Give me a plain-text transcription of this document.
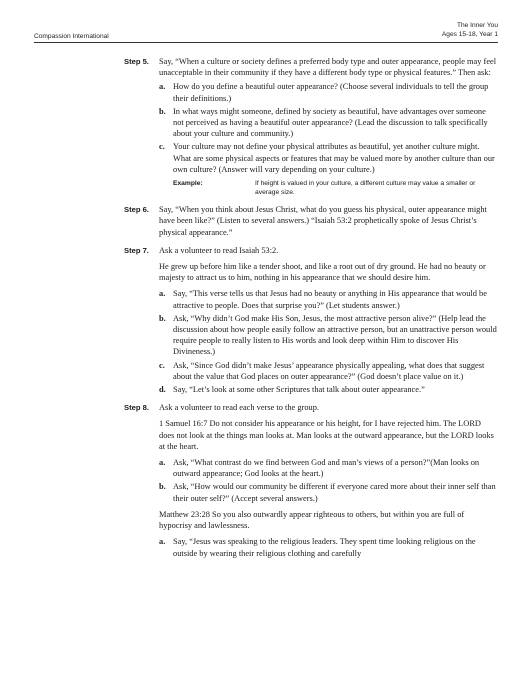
Compassion International
The Inner You
Ages 15-18, Year 1
Step 5. Say, “When a culture or society defines a preferred body type and outer appearance, people may feel unacceptable in their community if they have a different body type or physical features.” Then ask:

a. How do you define a beautiful outer appearance? (Choose several individuals to tell the group their definitions.)
b. In what ways might someone, defined by society as beautiful, have advantages over someone not perceived as having a beautiful outer appearance? (Lead the discussion to talk specifically about your culture and community.)
c. Your culture may not define your physical attributes as beautiful, yet another culture might. What are some physical aspects or features that may be valued more by another culture than our own culture? (Answer will vary depending on your culture.)
Example:	If height is valued in your culture, a different culture may value a smaller or average size.
Step 6. Say, “When you think about Jesus Christ, what do you guess his physical, outer appearance might have been like?” (Listen to several answers.) “Isaiah 53:2 prophetically spoke of Jesus Christ’s physical appearance.”

Step 7. Ask a volunteer to read Isaiah 53:2.

He grew up before him like a tender shoot, and like a root out of dry ground. He had no beauty or majesty to attract us to him, nothing in his appearance that we should desire him.

a. Say, “This verse tells us that Jesus had no beauty or anything in His appearance that would be attractive to people. Does that surprise you?” (Let students answer.)
b. Ask, “Why didn’t God make His Son, Jesus, the most attractive person alive?” (Help lead the discussion about how people easily follow an attractive person, but an unattractive person would require people to really listen to His words and look deep within Him to discover His Divineness.)
c. Ask, “Since God didn’t make Jesus’ appearance physically appealing, what does that suggest about the value that God places on outer appearance?” (God doesn’t place value on it.)
d. Say, “Let’s look at some other Scriptures that talk about outer appearance.”
Step 8. Ask a volunteer to read each verse to the group.

1 Samuel 16:7 Do not consider his appearance or his height, for I have rejected him. The LORD does not look at the things man looks at. Man looks at the outward appearance, but the LORD looks at the heart.

a. Ask, “What contrast do we find between God and man’s views of a person?”(Man looks on outward appearance; God looks at the heart.)
b. Ask, “How would our community be different if everyone cared more about their inner self than their outer self?” (Accept several answers.)

Matthew 23:28 So you also outwardly appear righteous to others, but within you are full of hypocrisy and lawlessness.

a. Say, “Jesus was speaking to the religious leaders. They spent time looking religious on the outside by wearing their religious clothing and carefully
